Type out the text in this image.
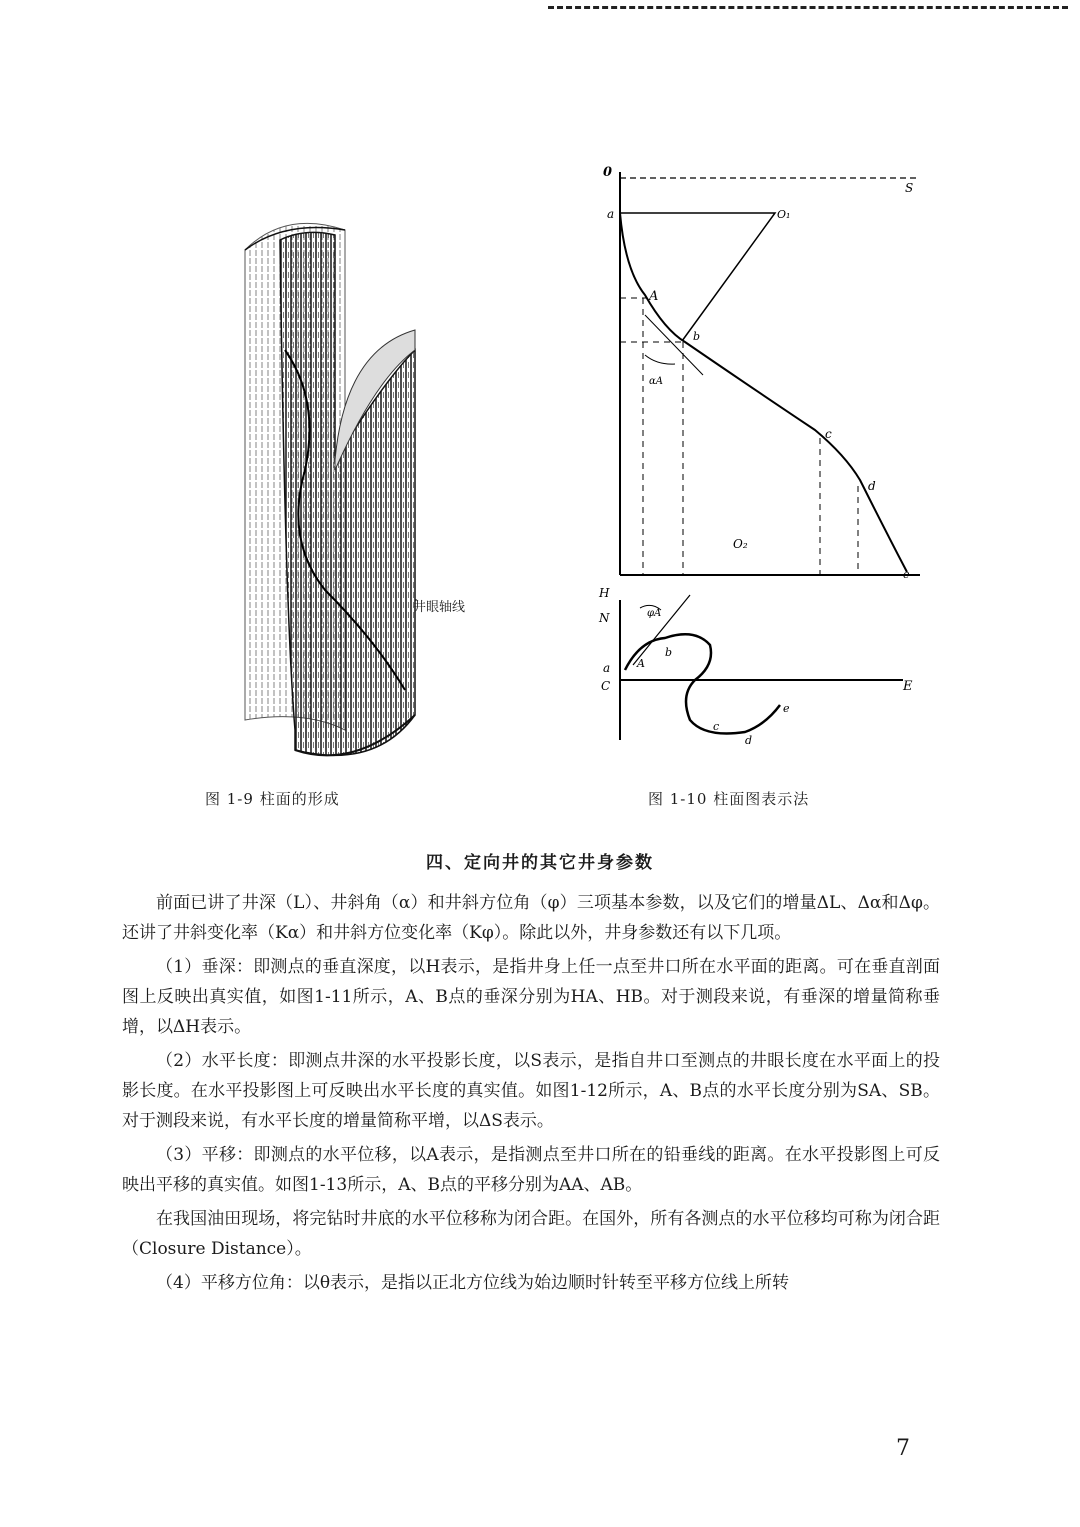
井眼轴线
0
S
a	O₁
A
b
αA
c
d
O₂
e
H
N	φA
a A
b
C	E
c
d
e
图 1-9 柱面的形成	图 1-10 柱面图表示法
四、定向井的其它井身参数

前面已讲了井深（L）、井斜角（α）和井斜方位角（φ）三项基本参数，以及它们的增量ΔL、Δα和Δφ。还讲了井斜变化率（Kα）和井斜方位变化率（Kφ）。除此以外，井身参数还有以下几项。

（1）垂深：即测点的垂直深度，以H表示，是指井身上任一点至井口所在水平面的距离。可在垂直剖面图上反映出真实值，如图1-11所示，A、B点的垂深分别为HA、HB。对于测段来说，有垂深的增量简称垂增，以ΔH表示。

（2）水平长度：即测点井深的水平投影长度，以S表示，是指自井口至测点的井眼长度在水平面上的投影长度。在水平投影图上可反映出水平长度的真实值。如图1-12所示，A、B点的水平长度分别为SA、SB。对于测段来说，有水平长度的增量简称平增，以ΔS表示。

（3）平移：即测点的水平位移，以A表示，是指测点至井口所在的铅垂线的距离。在水平投影图上可反映出平移的真实值。如图1-13所示，A、B点的平移分别为AA、AB。

在我国油田现场，将完钻时井底的水平位移称为闭合距。在国外，所有各测点的水平位移均可称为闭合距（Closure Distance）。

（4）平移方位角：以θ表示，是指以正北方位线为始边顺时针转至平移方位线上所转

7
